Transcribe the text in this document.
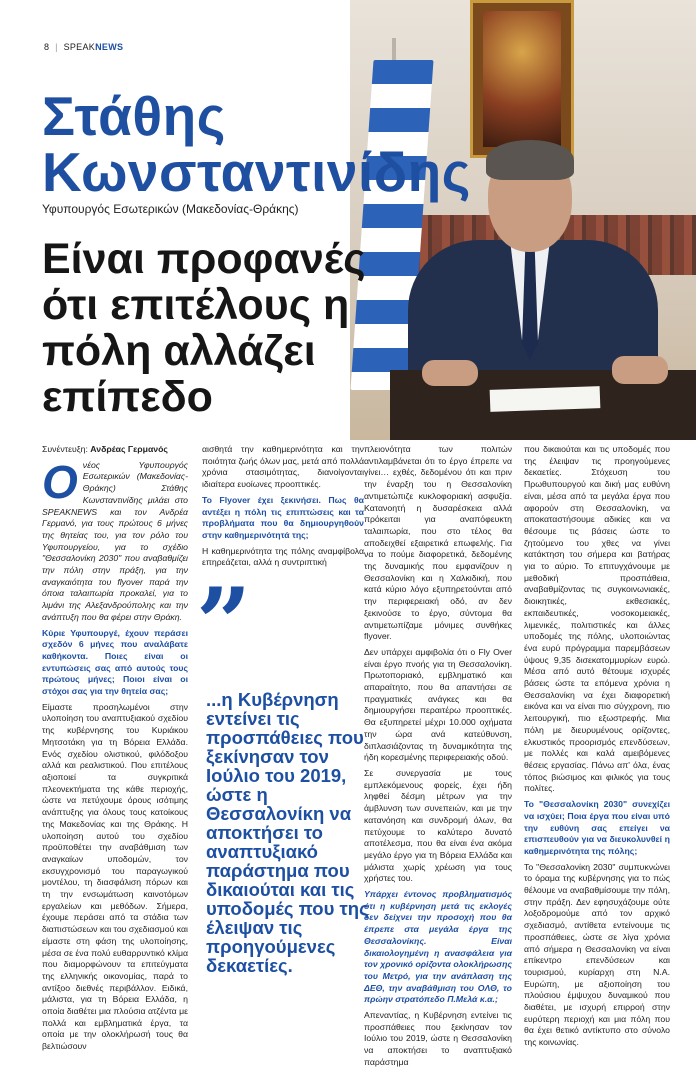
8 | SPEAKNEWS
Στάθης
Κωνσταντινίδης
Υφυπουργός Εσωτερικών (Μακεδονίας-Θράκης)
Είναι προφανές ότι επιτέλους η πόλη αλλάζει επίπεδο

Συνέντευξη: Ανδρέας Γερμανός

Ονέος Υφυπουργός Εσωτερικών (Μακεδονίας-Θράκης) Στάθης Κωνσταντινίδης μιλάει στο SPEAKNEWS και τον Ανδρέα Γερμανό, για τους πρώτους 6 μήνες της θητείας του, για τον ρόλο του Υφυπουργείου, για το σχέδιο "Θεσσαλονίκη 2030" που αναβαθμίζει την πόλη στην πράξη, για την αναγκαιότητα του flyover παρά την όποια ταλαιπωρία προκαλεί, για το λιμάνι της Αλεξανδρούπολης και την ανάπτυξη που θα φέρει στην Θράκη.

Κύριε Υφυπουργέ, έχουν περάσει σχεδόν 6 μήνες που αναλάβατε καθήκοντα. Ποιες είναι οι εντυπώσεις σας από αυτούς τους πρώτους μήνες; Ποιοι είναι οι στόχοι σας για την θητεία σας;

Είμαστε προσηλωμένοι στην υλοποίηση του αναπτυξιακού σχεδίου της κυβέρνησης του Κυριάκου Μητσοτάκη για τη Βόρεια Ελλάδα. Ενός σχεδίου ολιστικού, φιλόδοξου αλλά και ρεαλιστικού. Που επιτέλους αξιοποιεί τα συγκριτικά πλεονεκτήματα της κάθε περιοχής, ώστε να πετύχουμε όρους ισότιμης ανάπτυξης για όλους τους κατοίκους της Μακεδονίας και της Θράκης. Η υλοποίηση αυτού του σχεδίου προϋποθέτει την αναβάθμιση των αναγκαίων υποδομών, τον εκσυγχρονισμό του παραγωγικού μοντέλου, τη διασφάλιση πόρων και τη την ενσωμάτωση καινοτόμων εργαλείων και μεθόδων. Σήμερα, έχουμε περάσει από τα στάδια των διαπιστώσεων και του σχεδιασμού και είμαστε στη φάση της υλοποίησης, μέσα σε ένα πολύ ευθαρρυντικό κλίμα που διαμορφώνουν τα επιτεύγματα της ελληνικής οικονομίας, παρά το αντίξοο διεθνές περιβάλλον. Ειδικά, μάλιστα, για τη Βόρεια Ελλάδα, η οποία διαθέτει μια πλούσια ατζέντα με πολλά και εμβληματικά έργα, τα οποία με την ολοκλήρωσή τους θα βελτιώσουν

αισθητά την καθημερινότητα και την ποιότητα ζωής όλων μας, μετά από πολλά χρόνια στασιμότητας, διανοίγονται ιδιαίτερα ευοίωνες προοπτικές.

Το Flyover έχει ξεκινήσει. Πως θα αντέξει η πόλη τις επιπτώσεις και τα προβλήματα που θα δημιουργηθούν στην καθημερινότητά της;

Η καθημερινότητα της πόλης αναμφίβολα επηρεάζεται, αλλά η συντριπτική

”
...η Κυβέρνηση εντείνει τις προσπάθειες που ξεκίνησαν τον Ιούλιο του 2019, ώστε η Θεσσαλονίκη να αποκτήσει το αναπτυξιακό παράστημα που δικαιούται και τις υποδομές που της έλειψαν τις προηγούμενες δεκαετίες.

πλειονότητα των πολιτών αντιλαμβάνεται ότι το έργο έπρεπε να γίνει… εχθές, δεδομένου ότι και πριν την έναρξη του η Θεσσαλονίκη αντιμετώπιζε κυκλοφοριακή ασφυξία. Κατανοητή η δυσαρέσκεια αλλά πρόκειται για αναπόφευκτη ταλαιπωρία, που στο τέλος θα αποδειχθεί εξαιρετικά επωφελής. Για να το πούμε διαφορετικά, δεδομένης της δυναμικής που εμφανίζουν η Θεσσαλονίκη και η Χαλκιδική, που κατά κύριο λόγο εξυπηρετούνται από την περιφερειακή οδό, αν δεν ξεκινούσε το έργο, σύντομα θα αντιμετωπίζαμε μόνιμες συνθήκες flyover.

Δεν υπάρχει αμφιβολία ότι ο Fly Over είναι έργο πνοής για τη Θεσσαλονίκη. Πρωτοποριακό, εμβληματικό και απαραίτητο, που θα απαντήσει σε πραγματικές ανάγκες και θα δημιουργήσει περαιτέρω προοπτικές. Θα εξυπηρετεί μέχρι 10.000 οχήματα την ώρα ανά κατεύθυνση, διπλασιάζοντας τη δυναμικότητα της ήδη κορεσμένης περιφερειακής οδού.

Σε συνεργασία με τους εμπλεκόμενους φορείς, έχει ήδη ληφθεί δέσμη μέτρων για την άμβλυνση των συνεπειών, και με την κατανόηση και συνδρομή όλων, θα πετύχουμε το καλύτερο δυνατό αποτέλεσμα, που θα είναι ένα ακόμα μεγάλο έργο για τη Βόρεια Ελλάδα και μάλιστα χωρίς χρέωση για τους χρήστες του.

Υπάρχει έντονος προβληματισμός ότι η κυβέρνηση μετά τις εκλογές δεν δείχνει την προσοχή που θα έπρεπε στα μεγάλα έργα της Θεσσαλονίκης. Είναι δικαιολογημένη η ανασφάλεια για τον χρονικό ορίζοντα ολοκλήρωσης του Μετρό, για την ανάπλαση της ΔΕΘ, την αναβάθμιση του ΟΛΘ, το πρώην στρατόπεδο Π.Μελά κ.α.;

Απεναντίας, η Κυβέρνηση εντείνει τις προσπάθειες που ξεκίνησαν τον Ιούλιο του 2019, ώστε η Θεσσαλονίκη να αποκτήσει το αναπτυξιακό παράστημα

που δικαιούται και τις υποδομές που της έλειψαν τις προηγούμενες δεκαετίες. Στόχευση του Πρωθυπουργού και δική μας ευθύνη είναι, μέσα από τα μεγάλα έργα που αφορούν στη Θεσσαλονίκη, να αποκαταστήσουμε αδικίες και να θέσουμε τις βάσεις ώστε το ζητούμενο του χθες να γίνει κατάκτηση του σήμερα και βατήρας για το αύριο. Το επιτυγχάνουμε με μεθοδική προσπάθεια, αναβαθμίζοντας τις συγκοινωνιακές, διοικητικές, εκθεσιακές, εκπαιδευτικές, νοσοκομειακές, λιμενικές, πολιτιστικές και άλλες υποδομές της πόλης, υλοποιώντας ένα ευρύ πρόγραμμα παρεμβάσεων ύψους 9,35 δισεκατομμυρίων ευρώ. Μέσα από αυτό θέτουμε ισχυρές βάσεις ώστε τα επόμενα χρόνια η Θεσσαλονίκη να έχει διαφορετική εικόνα και να είναι πιο σύγχρονη, πιο λειτουργική, πιο εξωστρεφής. Μια πόλη με διευρυμένους ορίζοντες, ελκυστικός προορισμός επενδύσεων, με πολλές και καλά αμειβόμενες θέσεις εργασίας. Πάνω απ' όλα, ένας τόπος βιώσιμος και φιλικός για τους πολίτες.

Το "Θεσσαλονίκη 2030" συνεχίζει να ισχύει; Ποια έργα που είναι υπό την ευθύνη σας επείγει να επισπευθούν για να διευκολυνθεί η καθημερινότητα της πόλης;

Το "Θεσσαλονίκη 2030" συμπυκνώνει το όραμα της κυβέρνησης για το πώς θέλουμε να αναβαθμίσουμε την πόλη, στην πράξη. Δεν εφησυχάζουμε ούτε λοξοδρομούμε από τον αρχικό σχεδιασμό, αντίθετα εντείνουμε τις προσπάθειες, ώστε σε λίγα χρόνια από σήμερα η Θεσσαλονίκη να είναι επίκεντρο επενδύσεων και τουρισμού, κυρίαρχη στη Ν.Α. Ευρώπη, με αξιοποίηση του πλούσιου έμψυχου δυναμικού που διαθέτει, με ισχυρή επιρροή στην ευρύτερη περιοχή και μια πόλη που θα έχει θετικό αντίκτυπο στο σύνολο της κοινωνίας.
